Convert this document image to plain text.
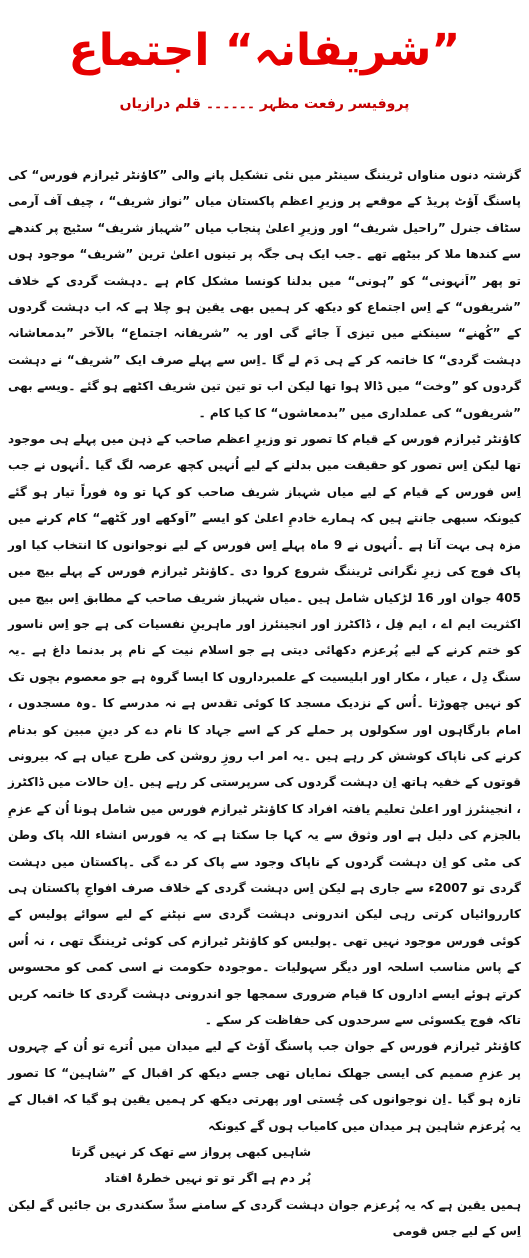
”شریفانہ“ اجتماع
پروفیسر رفعت مظہر ۔۔۔۔۔۔ قلم درازیاں

گزشتہ دنوں مناواں ٹریننگ سینٹر میں نئی تشکیل پانے والی ”کاؤنٹر ٹیرازم فورس“ کی پاسنگ آؤٹ پریڈ کے موقعے پر وزیرِ اعظم پاکستان میاں ”نواز شریف“ ، چیف آف آرمی سٹاف جنرل ”راحیل شریف“ اور وزیرِ اعلیٰ پنجاب میاں ”شہباز شریف“ سٹیج پر کندھے سے کندھا ملا کر بیٹھے تھے ۔جب ایک ہی جگہ پر تینوں اعلیٰ ترین ”شریف“ موجود ہوں تو پھر ”اَنہونی“ کو ”ہونی“ میں بدلنا کونسا مشکل کام ہے ۔دہشت گردی کے خلاف ”شریفوں“ کے اِس اجتماع کو دیکھ کر ہمیں بھی یقین ہو چلا ہے کہ اب دہشت گردوں کے ”کُھنے“ سینکنے میں تیزی آ جائے گی اور یہ ”شریفانہ اجتماع“ بالآخر ”بدمعاشانہ دہشت گردی“ کا خاتمہ کر کے ہی دَم لے گا ۔اِس سے پہلے صرف ایک ”شریف“ نے دہشت گردوں کو ”وخت“ میں ڈالا ہوا تھا لیکن اب تو تین تین شریف اکٹھے ہو گئے ۔ویسے بھی ”شریفوں“ کی عملداری میں ”بدمعاشوں“ کا کیا کام ۔

کاؤنٹر ٹیرازم فورس کے قیام کا تصور تو وزیرِ اعظم صاحب کے ذہن میں پہلے ہی موجود تھا لیکن اِس تصور کو حقیقت میں بدلنے کے لیے اُنہیں کچھ عرصہ لگ گیا ۔اُنہوں نے جب اِس فورس کے قیام کے لیے میاں شہباز شریف صاحب کو کہا تو وہ فوراً تیار ہو گئے کیونکہ سبھی جانتے ہیں کہ ہمارے خادمِ اعلیٰ کو ایسے ”اَوکھے اور کَٹھے“ کام کرنے میں مزہ ہی بہت آتا ہے ۔اُنہوں نے 9 ماہ پہلے اِس فورس کے لیے نوجوانوں کا انتخاب کیا اور پاک فوج کی زیرِ نگرانی ٹریننگ شروع کروا دی ۔کاؤنٹر ٹیرازم فورس کے پہلے بیچ میں 405 جوان اور 16 لڑکیاں شامل ہیں ۔میاں شہباز شریف صاحب کے مطابق اِس بیچ میں اکثریت ایم اے ، ایم فِل ، ڈاکٹرز اور انجینئرز اور ماہرینِ نفسیات کی ہے جو اِس ناسور کو ختم کرنے کے لیے پُرعزم دکھائی دیتی ہے جو اسلام نیت کے نام پر بدنما داغ ہے ۔یہ سنگ دِل ، عیار ، مکار اور ابلیسیت کے علمبرداروں کا ایسا گروہ ہے جو معصوم بچوں تک کو نہیں چھوڑتا ۔اُس کے نزدیک مسجد کا کوئی تقدس ہے نہ مدرسے کا ۔وہ مسجدوں ، امام بارگاہوں اور سکولوں پر حملے کر کے اسے جہاد کا نام دے کر دینِ مبین کو بدنام کرنے کی ناپاک کوشش کر رہے ہیں ۔یہ امر اب روزِ روشن کی طرح عیاں ہے کہ بیرونی قوتوں کے خفیہ ہاتھ اِن دہشت گردوں کی سرپرستی کر رہے ہیں ۔اِن حالات میں ڈاکٹرز ، انجینئرز اور اعلیٰ تعلیم یافتہ افراد کا کاؤنٹر ٹیرازم فورس میں شامل ہونا اُن کے عزمِ بالجزم کی دلیل ہے اور وثوق سے یہ کہا جا سکتا ہے کہ یہ فورس انشاء اللہ پاک وطن کی مٹی کو اِن دہشت گردوں کے ناپاک وجود سے پاک کر دے گی ۔پاکستان میں دہشت گردی تو 2007ء سے جاری ہے لیکن اِس دہشت گردی کے خلاف صرف افواجِ پاکستان ہی کارروائیاں کرتی رہی لیکن اندرونی دہشت گردی سے نپٹنے کے لیے سوائے پولیس کے کوئی فورس موجود نہیں تھی ۔پولیس کو کاؤنٹر ٹیرازم کی کوئی ٹریننگ تھی ، نہ اُس کے پاس مناسب اسلحہ اور دیگر سہولیات ۔موجودہ حکومت نے اسی کمی کو محسوس کرتے ہوئے ایسے اداروں کا قیام ضروری سمجھا جو اندرونی دہشت گردی کا خاتمہ کریں تاکہ فوج یکسوئی سے سرحدوں کی حفاظت کر سکے ۔

کاؤنٹر ٹیرازم فورس کے جوان جب پاسنگ آؤٹ کے لیے میدان میں اُترے تو اُن کے چہروں پر عزمِ صمیم کی ایسی جھلک نمایاں تھی جسے دیکھ کر اقبال کے ”شاہین“ کا تصور تازہ ہو گیا ۔اِن نوجوانوں کی چُستی اور پھرتی دیکھ کر ہمیں یقین ہو گیا کہ اقبال کے یہ پُرعزم شاہین ہر میدان میں کامیاب ہوں گے کیونکہ

شاہیں کبھی پرواز سے تھک کر نہیں گرتا

پُر دم ہے اگر تو تو نہیں خطرۂ افتاد

ہمیں یقین ہے کہ یہ پُرعزم جوان دہشت گردی کے سامنے سدِّ سکندری بن جائیں گے لیکن اِس کے لیے جس قومی
